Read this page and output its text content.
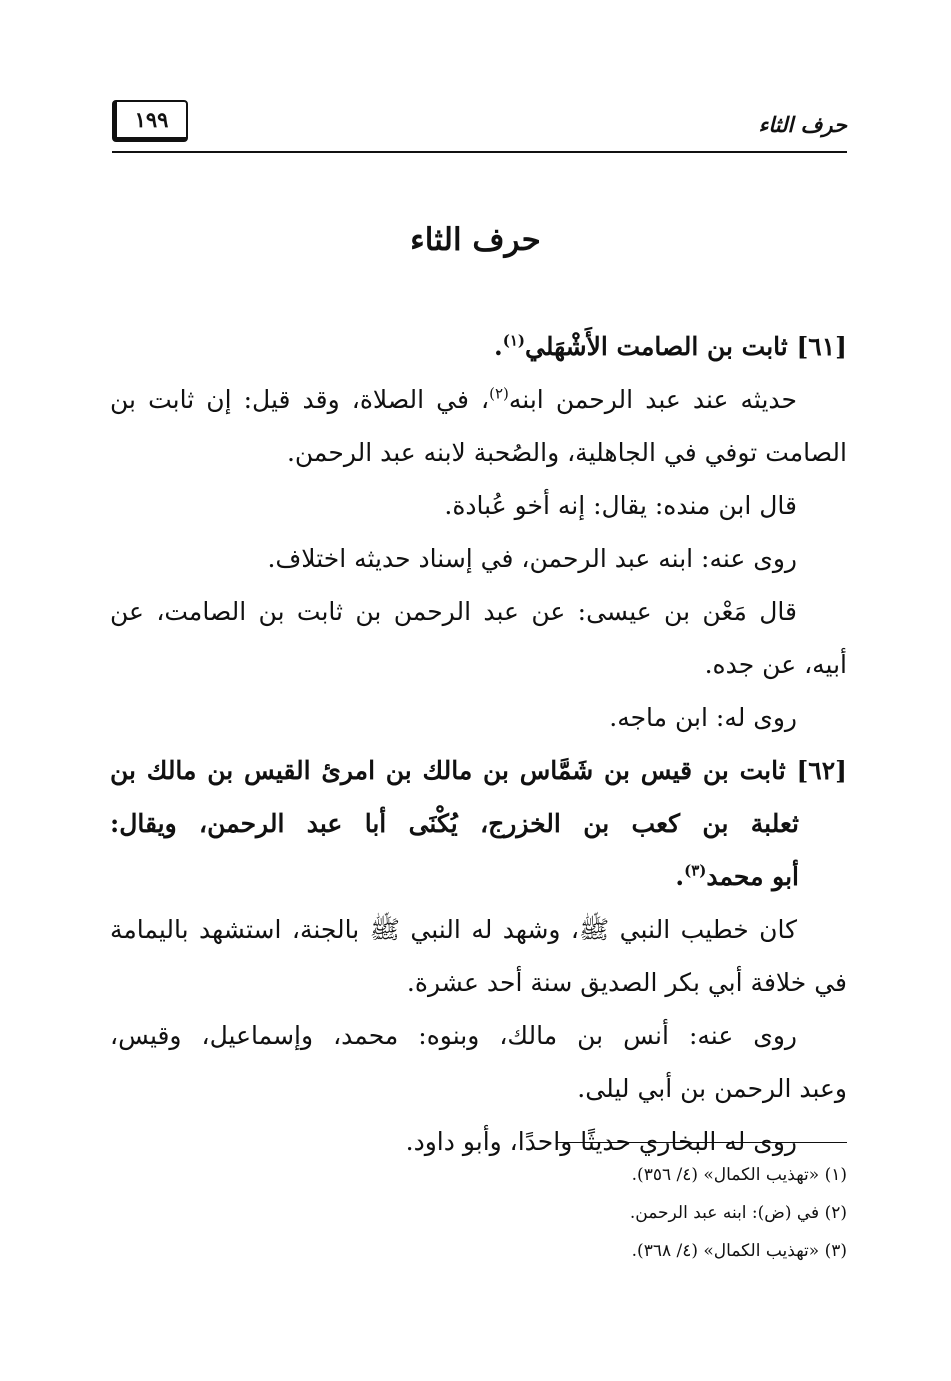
حرف الثاء
١٩٩
حرف الثاء
[٦١] ثابت بن الصامت الأَشْهَلي$^{(١)}$.
حديثه عند عبد الرحمن ابنه$^{(٢)}$، في الصلاة، وقد قيل: إن ثابت بن
الصامت توفي في الجاهلية، والصُحبة لابنه عبد الرحمن.
قال ابن منده: يقال: إنه أخو عُبادة.
روى عنه: ابنه عبد الرحمن، في إسناد حديثه اختلاف.
قال مَعْن بن عيسى: عن عبد الرحمن بن ثابت بن الصامت، عن
أبيه، عن جده.
روى له: ابن ماجه.
[٦٢] ثابت بن قيس بن شَمَّاس بن مالك بن امرئ القيس بن مالك بن
ثعلبة بن كعب بن الخزرج، يُكْنَى أبا عبد الرحمن، ويقال:
أبو محمد$^{(٣)}$.
كان خطيب النبي ﷺ، وشهد له النبي ﷺ بالجنة، استشهد باليمامة
في خلافة أبي بكر الصديق سنة أحد عشرة.
روى عنه: أنس بن مالك، وبنوه: محمد، وإسماعيل، وقيس،
وعبد الرحمن بن أبي ليلى.
روى له البخاري حديثًا واحدًا، وأبو داود.
(١) «تهذيب الكمال» (٤/ ٣٥٦).
(٢) في (ض): ابنه عبد الرحمن.
(٣) «تهذيب الكمال» (٤/ ٣٦٨).
